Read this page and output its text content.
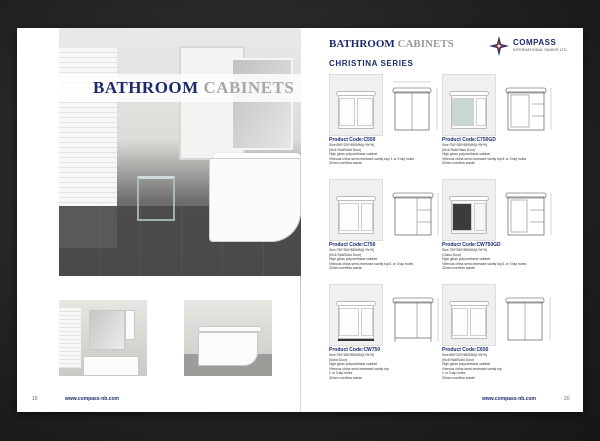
BATHROOM CABINETS
19	www.compass-nb.com
BATHROOM CABINETS	COMPASS
INTERNATIONAL SANDIS LTD.
CHRISTINA SERIES
Product Code:C550
Size:550*320*850MM(L*W*H)
(Kick Rail/Solid Door)
High gloss polyurethane cabinet
Vitreous china semi-recessed vanity top/ 1 or 3 tap holes
32mm overflow waste
Product Code:C750GD
Size:750*350*850MM(L*W*H)
(Kick Rail/Glass Door)
High gloss polyurethane cabinet
Vitreous china semi-recessed vanity top/1 or 3 tap holes
32mm overflow waste
Product Code:C750
Size:750*350*850MM(L*W*H)
(Kick Rail/Solid Door)
High gloss polyurethane cabinet
Vitreous china semi-recessed vanity top/1 or 3 tap holes
32mm overflow waste
Product Code:CW750GD
Size:750*350*850MM(L*W*H)
(Glass Door)
High gloss polyurethane cabinet
Vitreous china semi-recessed vanity top/1 or 3 tap holes
32mm overflow waste
Product Code:CW750
Size:750*350*850MM(L*W*H)
(Solid Door)
High gloss polyurethane cabinet
Vitreous china semi-recessed vanity top
1 or 3 tap holes
32mm overflow waste
Product Code:C650
Size:650*320*850MM(L*W*H)
(Kick Rail/Solid Door)
High gloss polyurethane cabinet
Vitreous china semi-recessed vanity top
1 or 3 tap holes
32mm overflow waste
www.compass-nb.com	20
